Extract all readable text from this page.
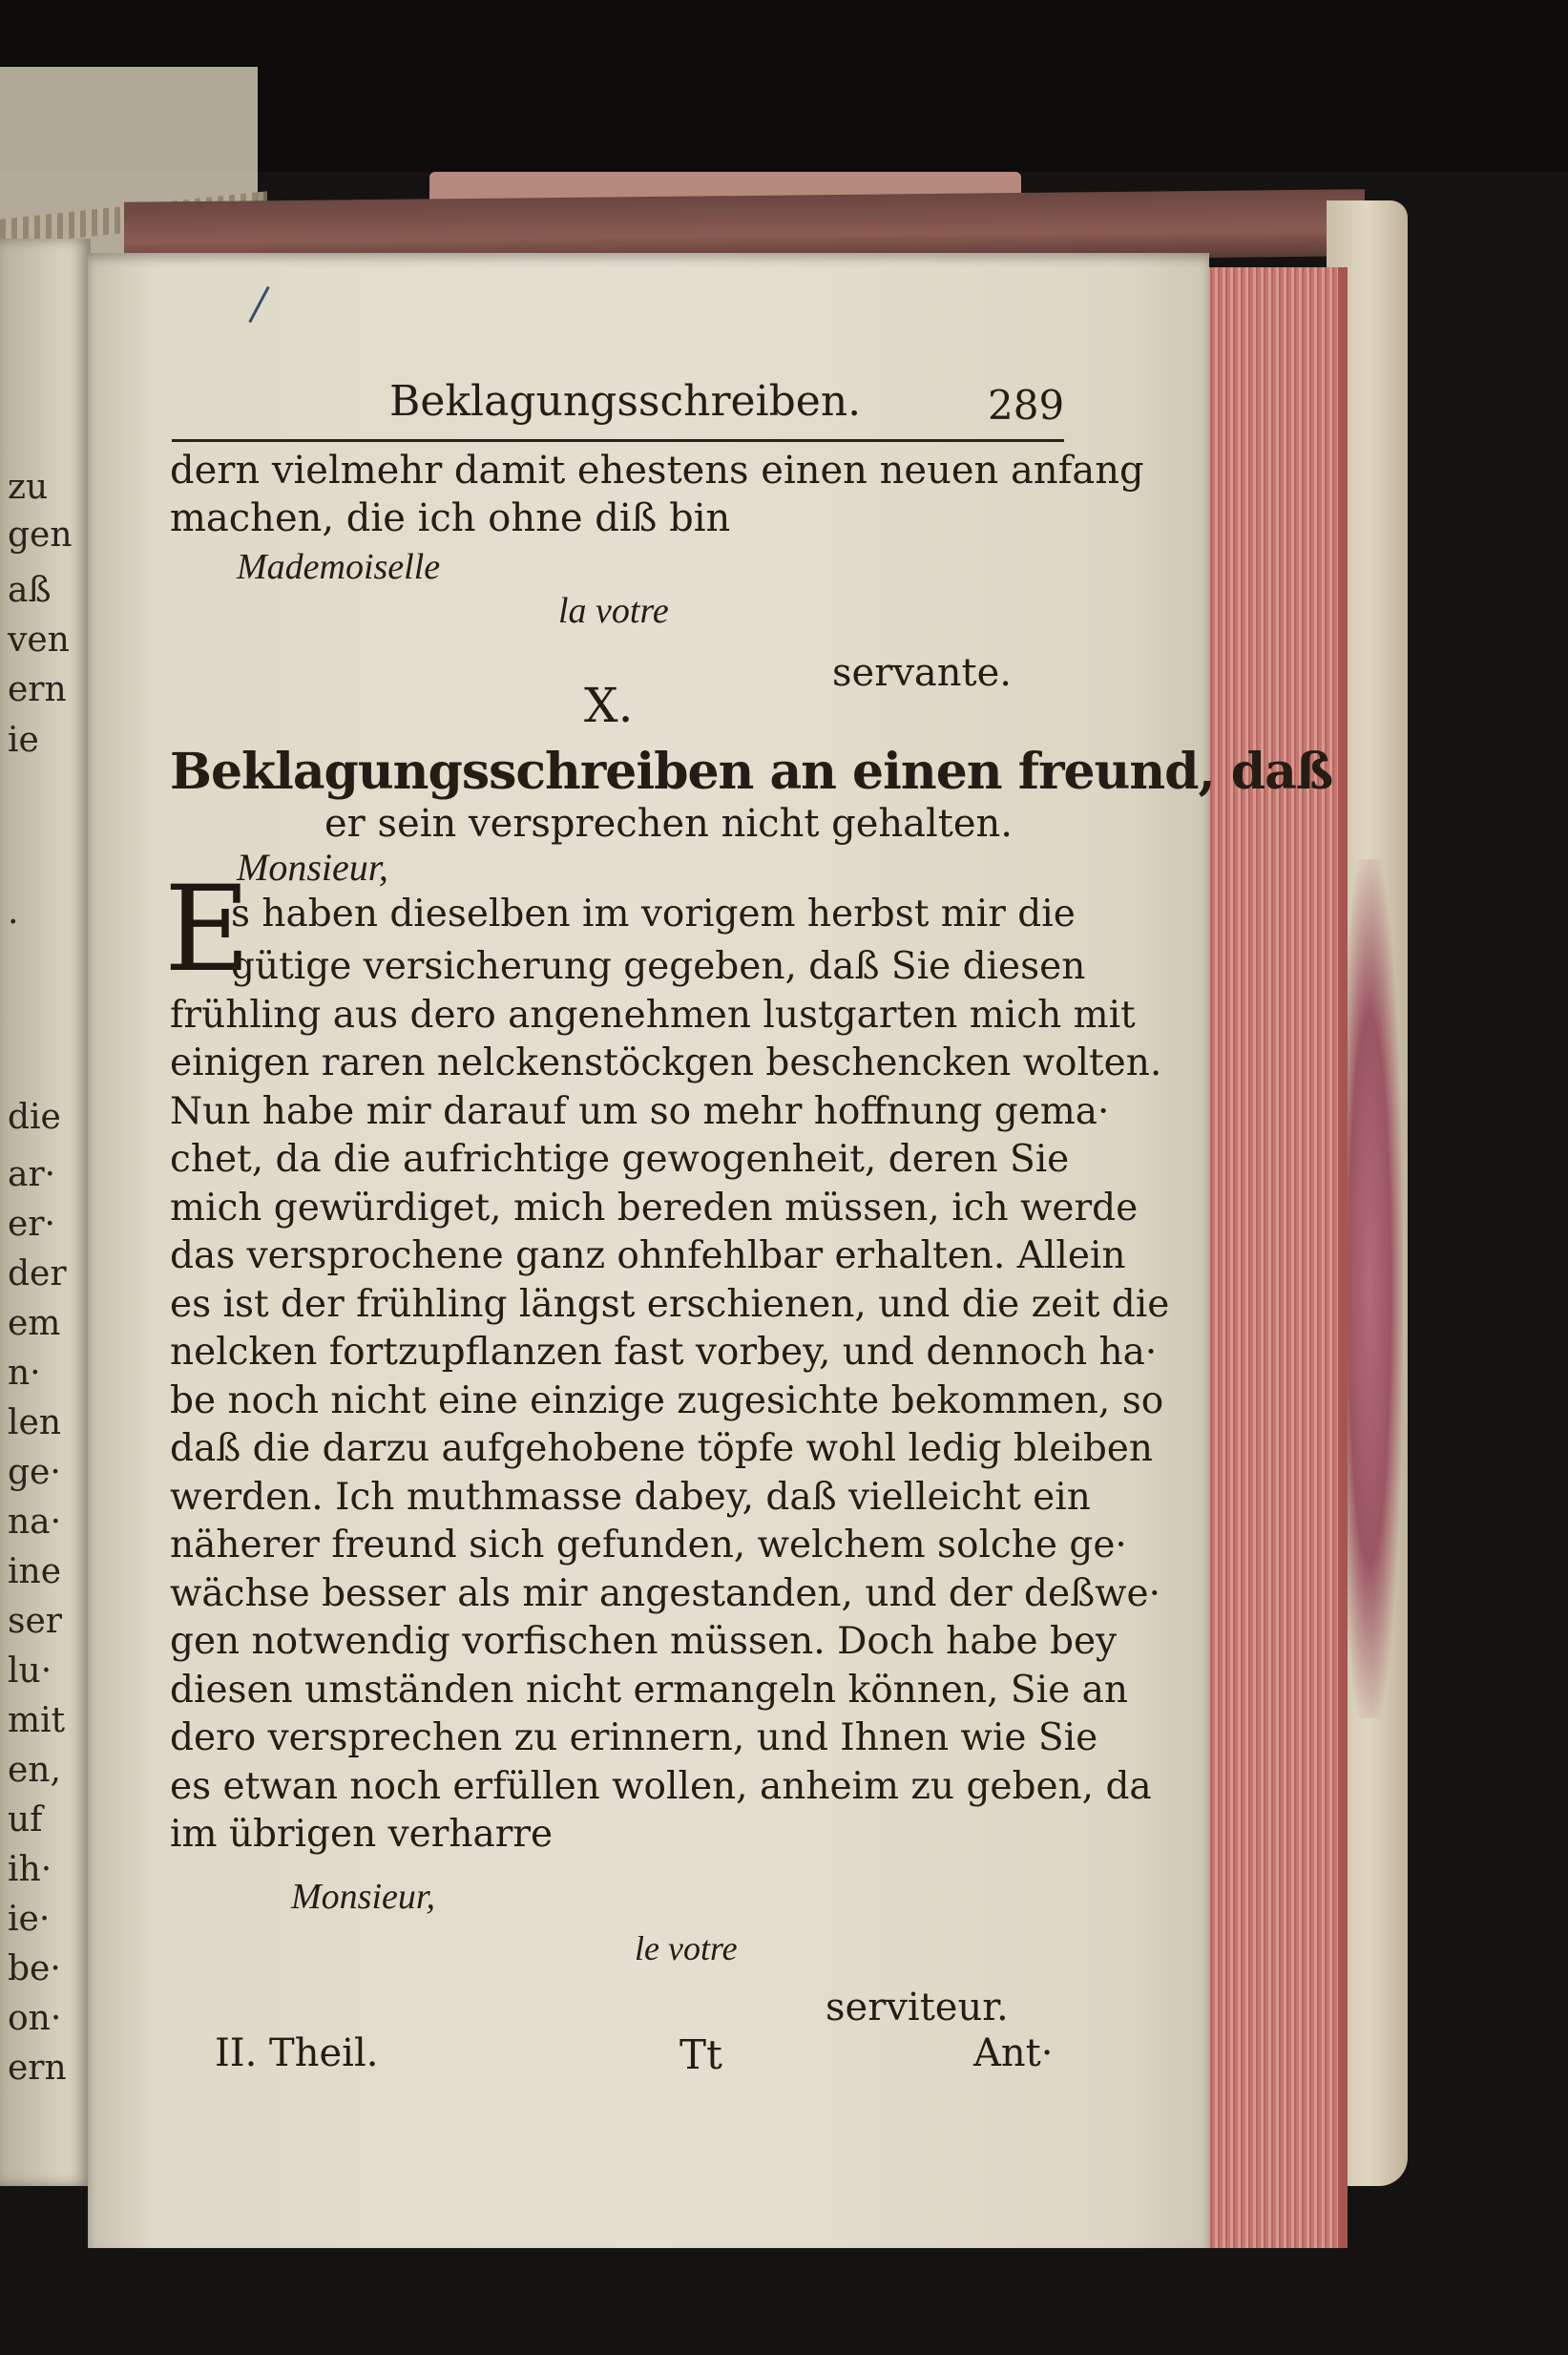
zu
gen
aß
ven
ern
ie
.
die
ar·
er·
der
em
n·
len
ge·
na·
ine
ser
lu·
mit
en,
uf
ih·
ie·
be·
on·
ern
Beklagungsschreiben.	289
dern vielmehr damit ehestens einen neuen anfang
machen, die ich ohne diß bin
Mademoiselle
la votre
servante.
X.
Beklagungsschreiben an einen freund, daß
er sein versprechen nicht gehalten.
Monsieur,
E
s haben dieselben im vorigem herbst mir die
gütige versicherung gegeben, daß Sie diesen
frühling aus dero angenehmen lustgarten mich mit
einigen raren nelckenstöckgen beschencken wolten.
Nun habe mir darauf um so mehr hoffnung gema·
chet, da die aufrichtige gewogenheit, deren Sie
mich gewürdiget, mich bereden müssen, ich werde
das versprochene ganz ohnfehlbar erhalten. Allein
es ist der frühling längst erschienen, und die zeit die
nelcken fortzupflanzen fast vorbey, und dennoch ha·
be noch nicht eine einzige zugesichte bekommen, so
daß die darzu aufgehobene töpfe wohl ledig bleiben
werden. Ich muthmasse dabey, daß vielleicht ein
näherer freund sich gefunden, welchem solche ge·
wächse besser als mir angestanden, und der deßwe·
gen notwendig vorfischen müssen. Doch habe bey
diesen umständen nicht ermangeln können, Sie an
dero versprechen zu erinnern, und Ihnen wie Sie
es etwan noch erfüllen wollen, anheim zu geben, da
im übrigen verharre
Monsieur,
le votre
serviteur.
II. Theil.	Tt	Ant·
